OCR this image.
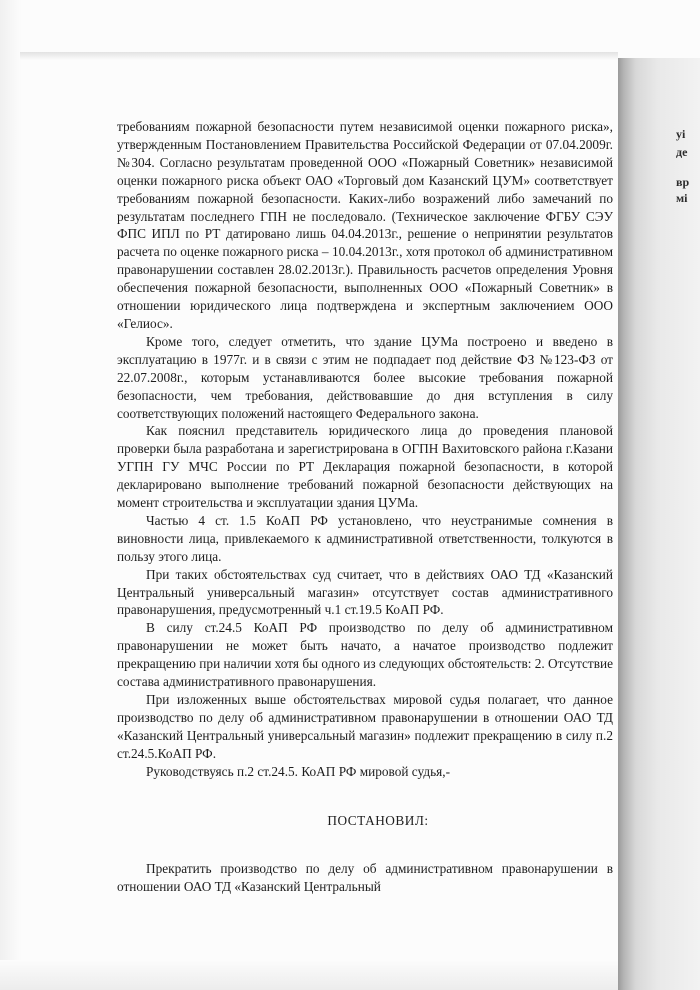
требованиям пожарной безопасности путем независимой оценки пожарного риска», утвержденным Постановлением Правительства Российской Федерации от 07.04.2009г. №304. Согласно результатам проведенной ООО «Пожарный Советник» независимой оценки пожарного риска объект ОАО «Торговый дом Казанский ЦУМ» соответствует требованиям пожарной безопасности. Каких-либо возражений либо замечаний по результатам последнего ГПН не последовало. (Техническое заключение ФГБУ СЭУ ФПС ИПЛ по РТ датировано лишь 04.04.2013г., решение о непринятии результатов расчета по оценке пожарного риска – 10.04.2013г., хотя протокол об административном правонарушении составлен 28.02.2013г.). Правильность расчетов определения Уровня обеспечения пожарной безопасности, выполненных ООО «Пожарный Советник» в отношении юридического лица подтверждена и экспертным заключением ООО «Гелиос».

Кроме того, следует отметить, что здание ЦУМа построено и введено в эксплуатацию в 1977г. и в связи с этим не подпадает под действие ФЗ №123-ФЗ от 22.07.2008г., которым устанавливаются более высокие требования пожарной безопасности, чем требования, действовавшие до дня вступления в силу соответствующих положений настоящего Федерального закона.

Как пояснил представитель юридического лица до проведения плановой проверки была разработана и зарегистрирована в ОГПН Вахитовского района г.Казани УГПН ГУ МЧС России по РТ Декларация пожарной безопасности, в которой декларировано выполнение требований пожарной безопасности действующих на момент строительства и эксплуатации здания ЦУМа.

Частью 4 ст. 1.5 КоАП РФ установлено, что неустранимые сомнения в виновности лица, привлекаемого к административной ответственности, толкуются в пользу этого лица.

При таких обстоятельствах суд считает, что в действиях ОАО ТД «Казанский Центральный универсальный магазин» отсутствует состав административного правонарушения, предусмотренный ч.1 ст.19.5 КоАП РФ.

В силу ст.24.5 КоАП РФ производство по делу об административном правонарушении не может быть начато, а начатое производство подлежит прекращению при наличии хотя бы одного из следующих обстоятельств: 2. Отсутствие состава административного правонарушения.

При изложенных выше обстоятельствах мировой судья полагает, что данное производство по делу об административном правонарушении в отношении ОАО ТД «Казанский Центральный универсальный магазин» подлежит прекращению в силу п.2 ст.24.5.КоАП РФ.

Руководствуясь п.2 ст.24.5. КоАП РФ мировой судья,-

ПОСТАНОВИЛ:

Прекратить производство по делу об административном правонарушении в отношении ОАО ТД «Казанский Центральный

уі
де
вр
мі
